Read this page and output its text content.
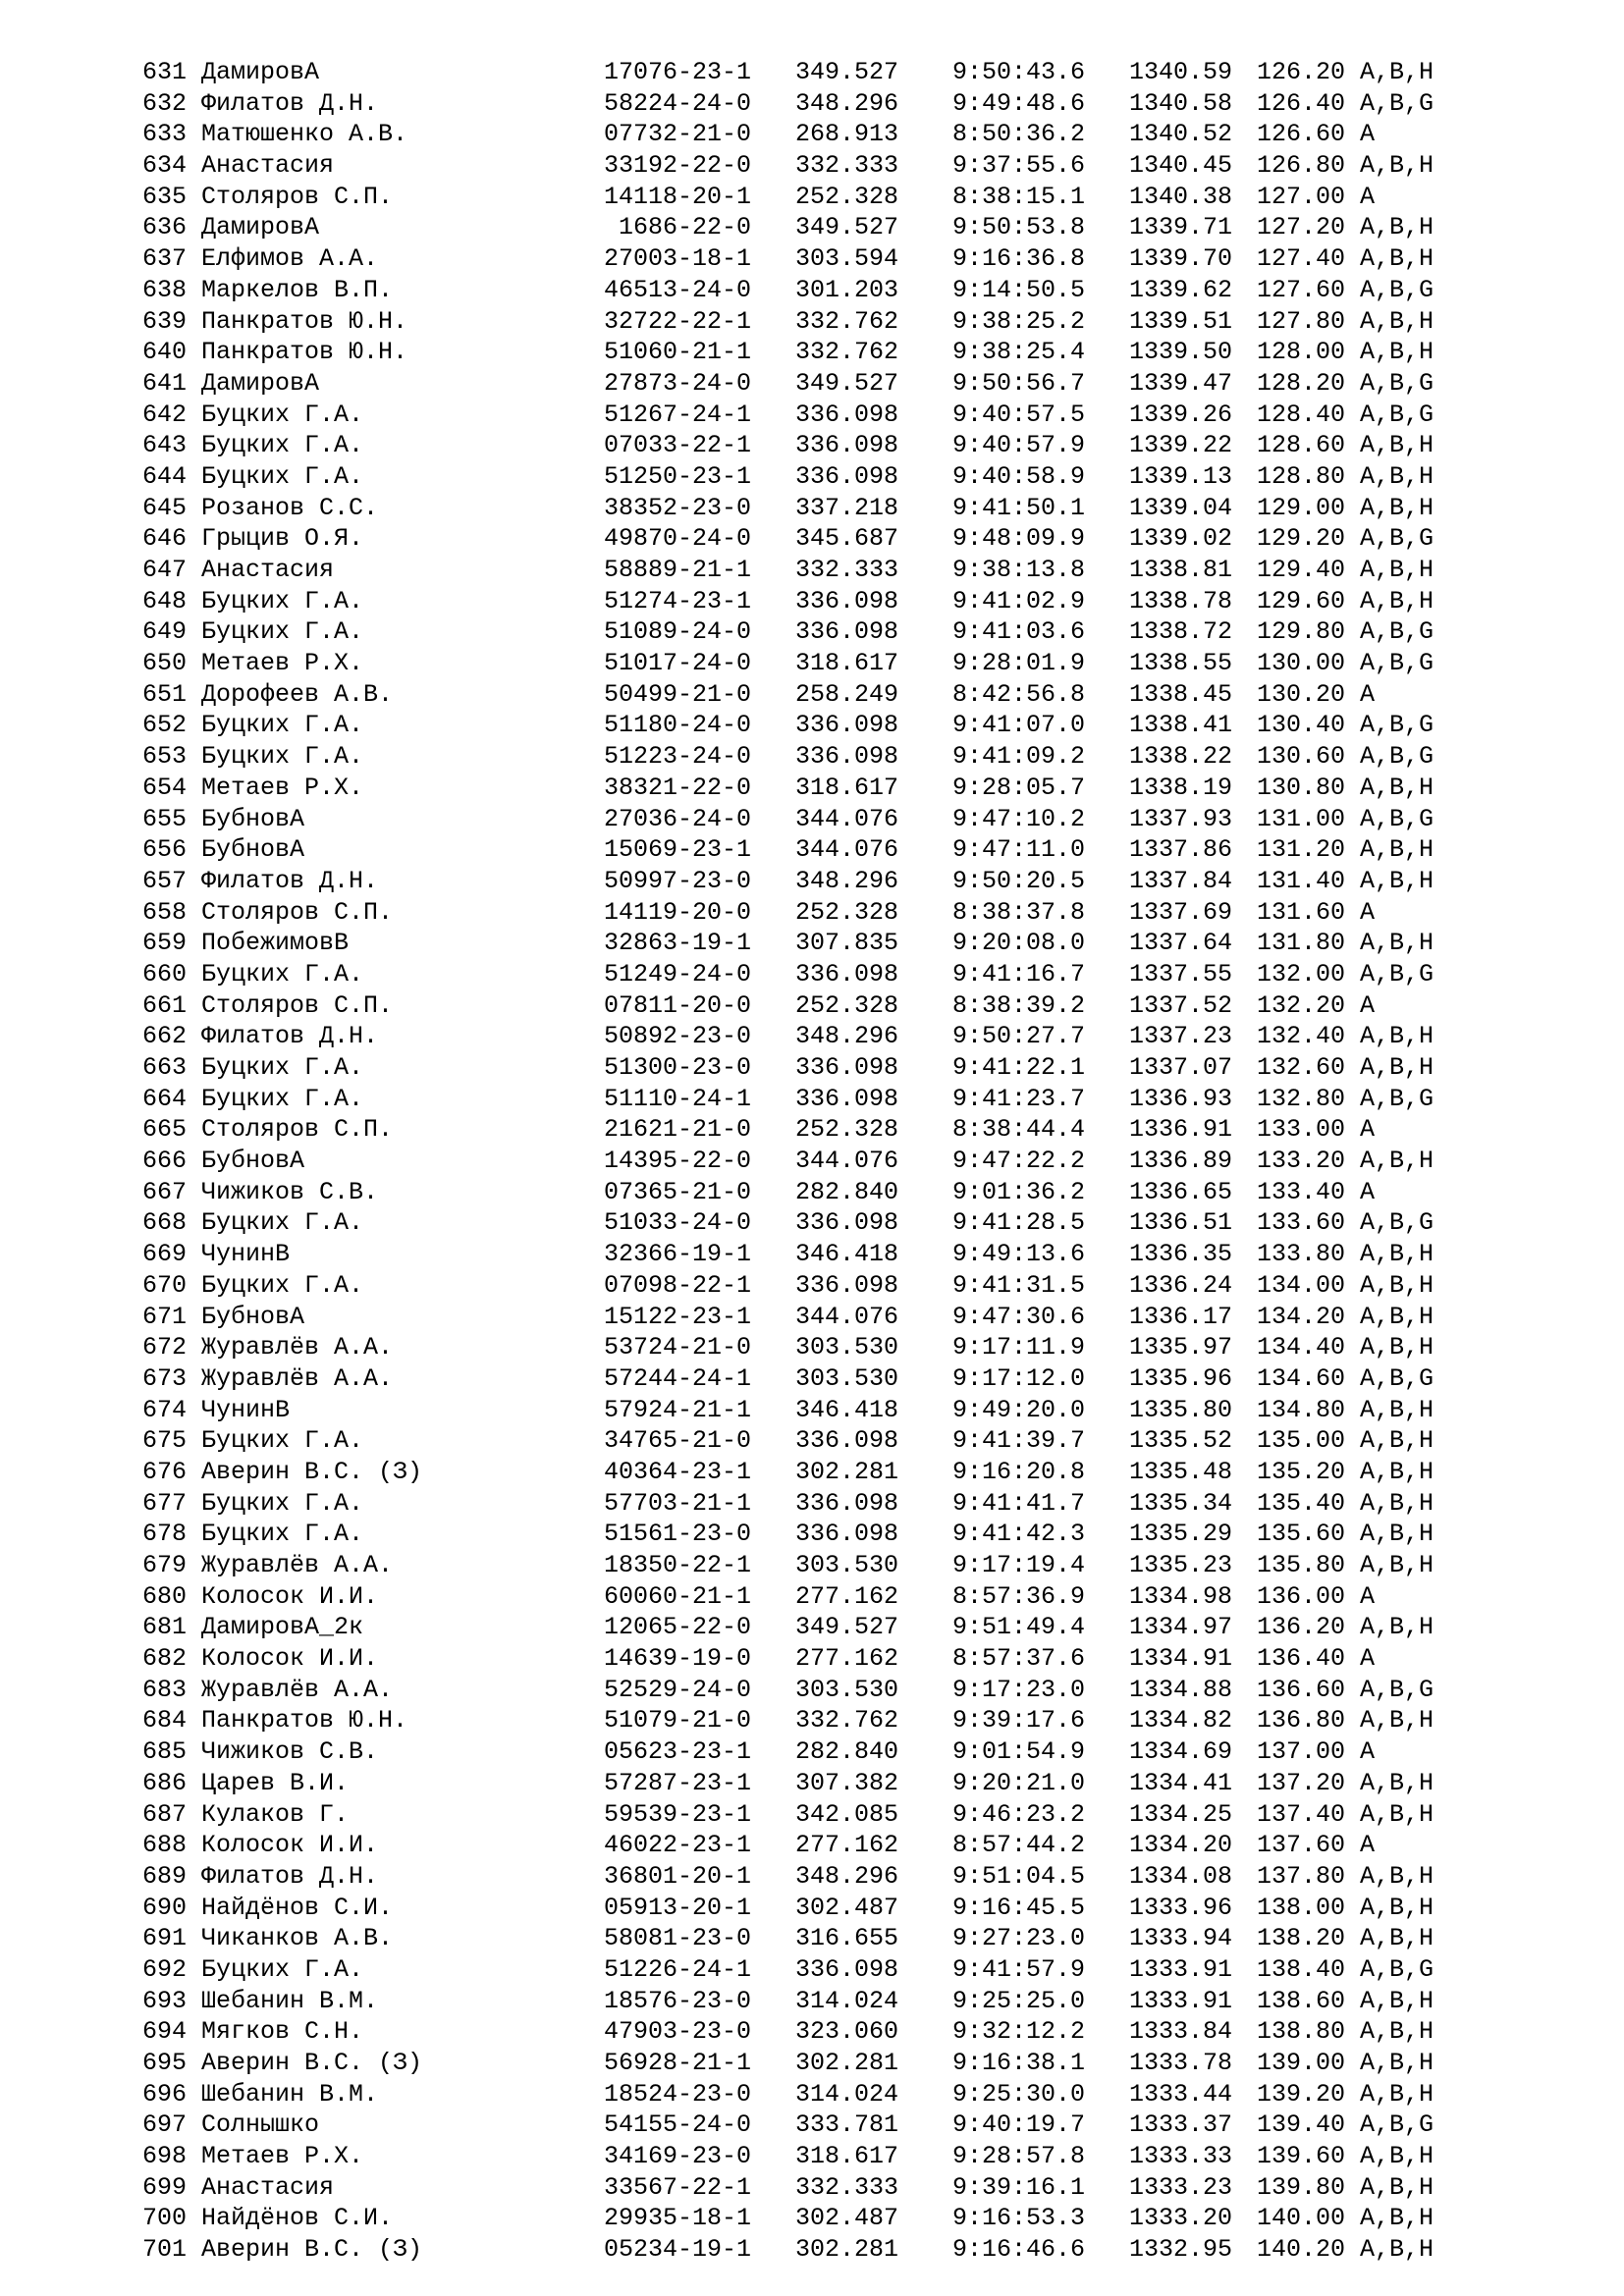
631 ДамировА	17076-23-1	349.527	9:50:43.6	1340.59 126.20 A,B,H
632 Филатов Д.Н.	58224-24-0	348.296	9:49:48.6	1340.58 126.40 A,B,G
633 Матюшенко А.В.	07732-21-0	268.913	8:50:36.2	1340.52 126.60 A
634 Анастасия	33192-22-0	332.333	9:37:55.6	1340.45 126.80 A,B,H
635 Столяров С.П.	14118-20-1	252.328	8:38:15.1	1340.38 127.00 A
636 ДамировА	1686-22-0	349.527	9:50:53.8	1339.71 127.20 A,B,H
637 Елфимов А.А.	27003-18-1	303.594	9:16:36.8	1339.70 127.40 A,B,H
638 Маркелов В.П.	46513-24-0	301.203	9:14:50.5	1339.62 127.60 A,B,G
639 Панкратов Ю.Н.	32722-22-1	332.762	9:38:25.2	1339.51 127.80 A,B,H
640 Панкратов Ю.Н.	51060-21-1	332.762	9:38:25.4	1339.50 128.00 A,B,H
641 ДамировА	27873-24-0	349.527	9:50:56.7	1339.47 128.20 A,B,G
642 Буцких Г.А.	51267-24-1	336.098	9:40:57.5	1339.26 128.40 A,B,G
643 Буцких Г.А.	07033-22-1	336.098	9:40:57.9	1339.22 128.60 A,B,H
644 Буцких Г.А.	51250-23-1	336.098	9:40:58.9	1339.13 128.80 A,B,H
645 Розанов С.С.	38352-23-0	337.218	9:41:50.1	1339.04 129.00 A,B,H
646 Грыцив О.Я.	49870-24-0	345.687	9:48:09.9	1339.02 129.20 A,B,G
647 Анастасия	58889-21-1	332.333	9:38:13.8	1338.81 129.40 A,B,H
648 Буцких Г.А.	51274-23-1	336.098	9:41:02.9	1338.78 129.60 A,B,H
649 Буцких Г.А.	51089-24-0	336.098	9:41:03.6	1338.72 129.80 A,B,G
650 Метаев Р.Х.	51017-24-0	318.617	9:28:01.9	1338.55 130.00 A,B,G
651 Дорофеев А.В.	50499-21-0	258.249	8:42:56.8	1338.45 130.20 A
652 Буцких Г.А.	51180-24-0	336.098	9:41:07.0	1338.41 130.40 A,B,G
653 Буцких Г.А.	51223-24-0	336.098	9:41:09.2	1338.22 130.60 A,B,G
654 Метаев Р.Х.	38321-22-0	318.617	9:28:05.7	1338.19 130.80 A,B,H
655 БубновА	27036-24-0	344.076	9:47:10.2	1337.93 131.00 A,B,G
656 БубновА	15069-23-1	344.076	9:47:11.0	1337.86 131.20 A,B,H
657 Филатов Д.Н.	50997-23-0	348.296	9:50:20.5	1337.84 131.40 A,B,H
658 Столяров С.П.	14119-20-0	252.328	8:38:37.8	1337.69 131.60 A
659 ПобежимовВ	32863-19-1	307.835	9:20:08.0	1337.64 131.80 A,B,H
660 Буцких Г.А.	51249-24-0	336.098	9:41:16.7	1337.55 132.00 A,B,G
661 Столяров С.П.	07811-20-0	252.328	8:38:39.2	1337.52 132.20 A
662 Филатов Д.Н.	50892-23-0	348.296	9:50:27.7	1337.23 132.40 A,B,H
663 Буцких Г.А.	51300-23-0	336.098	9:41:22.1	1337.07 132.60 A,B,H
664 Буцких Г.А.	51110-24-1	336.098	9:41:23.7	1336.93 132.80 A,B,G
665 Столяров С.П.	21621-21-0	252.328	8:38:44.4	1336.91 133.00 A
666 БубновА	14395-22-0	344.076	9:47:22.2	1336.89 133.20 A,B,H
667 Чижиков С.В.	07365-21-0	282.840	9:01:36.2	1336.65 133.40 A
668 Буцких Г.А.	51033-24-0	336.098	9:41:28.5	1336.51 133.60 A,B,G
669 ЧунинВ	32366-19-1	346.418	9:49:13.6	1336.35 133.80 A,B,H
670 Буцких Г.А.	07098-22-1	336.098	9:41:31.5	1336.24 134.00 A,B,H
671 БубновА	15122-23-1	344.076	9:47:30.6	1336.17 134.20 A,B,H
672 Журавлёв А.А.	53724-21-0	303.530	9:17:11.9	1335.97 134.40 A,B,H
673 Журавлёв А.А.	57244-24-1	303.530	9:17:12.0	1335.96 134.60 A,B,G
674 ЧунинВ	57924-21-1	346.418	9:49:20.0	1335.80 134.80 A,B,H
675 Буцких Г.А.	34765-21-0	336.098	9:41:39.7	1335.52 135.00 A,B,H
676 Аверин В.С. (З)	40364-23-1	302.281	9:16:20.8	1335.48 135.20 A,B,H
677 Буцких Г.А.	57703-21-1	336.098	9:41:41.7	1335.34 135.40 A,B,H
678 Буцких Г.А.	51561-23-0	336.098	9:41:42.3	1335.29 135.60 A,B,H
679 Журавлёв А.А.	18350-22-1	303.530	9:17:19.4	1335.23 135.80 A,B,H
680 Колосок И.И.	60060-21-1	277.162	8:57:36.9	1334.98 136.00 A
681 ДамировА_2к	12065-22-0	349.527	9:51:49.4	1334.97 136.20 A,B,H
682 Колосок И.И.	14639-19-0	277.162	8:57:37.6	1334.91 136.40 A
683 Журавлёв А.А.	52529-24-0	303.530	9:17:23.0	1334.88 136.60 A,B,G
684 Панкратов Ю.Н.	51079-21-0	332.762	9:39:17.6	1334.82 136.80 A,B,H
685 Чижиков С.В.	05623-23-1	282.840	9:01:54.9	1334.69 137.00 A
686 Царев В.И.	57287-23-1	307.382	9:20:21.0	1334.41 137.20 A,B,H
687 Кулаков Г.	59539-23-1	342.085	9:46:23.2	1334.25 137.40 A,B,H
688 Колосок И.И.	46022-23-1	277.162	8:57:44.2	1334.20 137.60 A
689 Филатов Д.Н.	36801-20-1	348.296	9:51:04.5	1334.08 137.80 A,B,H
690 Найдёнов С.И.	05913-20-1	302.487	9:16:45.5	1333.96 138.00 A,B,H
691 Чиканков А.В.	58081-23-0	316.655	9:27:23.0	1333.94 138.20 A,B,H
692 Буцких Г.А.	51226-24-1	336.098	9:41:57.9	1333.91 138.40 A,B,G
693 Шебанин В.М.	18576-23-0	314.024	9:25:25.0	1333.91 138.60 A,B,H
694 Мягков С.Н.	47903-23-0	323.060	9:32:12.2	1333.84 138.80 A,B,H
695 Аверин В.С. (З)	56928-21-1	302.281	9:16:38.1	1333.78 139.00 A,B,H
696 Шебанин В.М.	18524-23-0	314.024	9:25:30.0	1333.44 139.20 A,B,H
697 Солнышко	54155-24-0	333.781	9:40:19.7	1333.37 139.40 A,B,G
698 Метаев Р.Х.	34169-23-0	318.617	9:28:57.8	1333.33 139.60 A,B,H
699 Анастасия	33567-22-1	332.333	9:39:16.1	1333.23 139.80 A,B,H
700 Найдёнов С.И.	29935-18-1	302.487	9:16:53.3	1333.20 140.00 A,B,H
701 Аверин В.С. (З)	05234-19-1	302.281	9:16:46.6	1332.95 140.20 A,B,H
